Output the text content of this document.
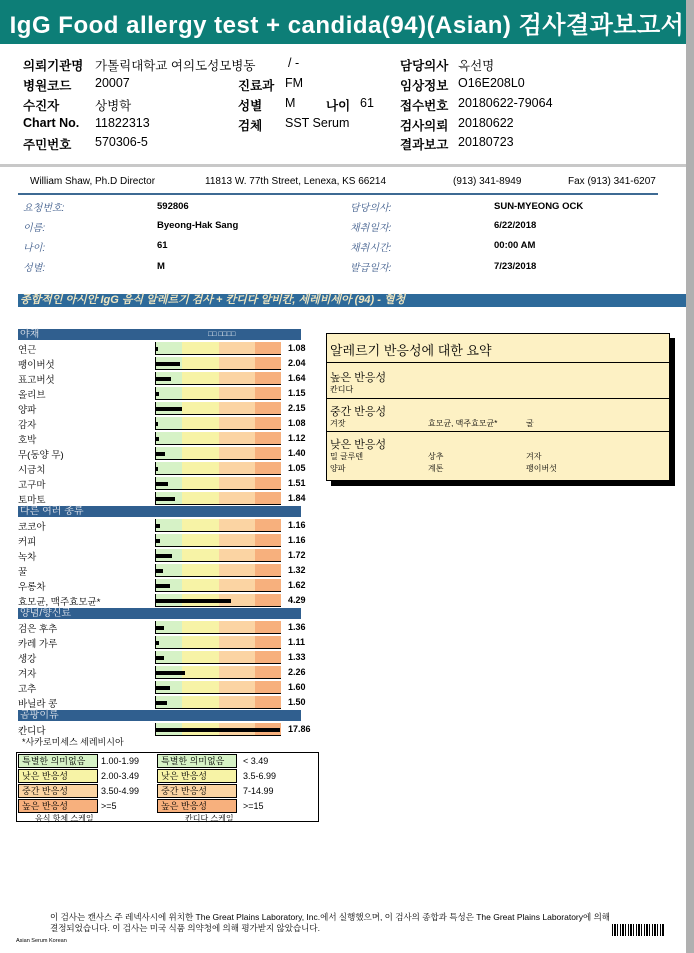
IgG Food allergy test + candida(94)(Asian) 검사결과보고서
의뢰기관명 가톨릭대학교 여의도성모병동	/ -	담당의사 옥선명
병원코드 20007	진료과 FM	임상정보 O16E208L0
수진자	상병학	성별 M 나이 61 접수번호 20180622-79064
Chart No. 11822313	검체 SST Serum	검사의뢰 20180622
주민번호 570306-5	결과보고 20180723
William Shaw, Ph.D Director	11813 W. 77th Street, Lenexa, KS 66214	(913) 341-8949	Fax (913) 341-6207
요청번호:	592806
이름:	Byeong-Hak Sang
나이:	61
성별:	M
담당의사:	SUN-MYEONG OCK
채취일자:	6/22/2018
채취시간:	00:00 AM
발급일자:	7/23/2018
종합적인 아시안 IgG 음식 알레르기 검사 + 칸디다 알비칸, 세레비세아 (94) - 혈청
야채	□□ □□□□
연근	1.08
팽이버섯	2.04
표고버섯	1.64
올리브	1.15
양파	2.15
감자	1.08
호박	1.12
무(동양 무)	1.40
시금치	1.05
고구마	1.51
토마토	1.84
다른 여러 종류
코코아	1.16
커피	1.16
녹차	1.72
꿀	1.32
우롱차	1.62
효모균, 맥주효모균*	4.29
양념/향신료
검은 후추	1.36
카레 가루	1.11
생강	1.33
겨자	2.26
고추	1.60
바닐라 콩	1.50
곰팡이류
칸디다	17.86
*사카로미세스 세레비시아
알레르기 반응성에 대한 요약
높은 반응성
칸디다
중간 반응성
겨잣	효모균, 맥주효모균*	굴
낮은 반응성
밀 글루텐	상추	겨자
양파	계톤	팽이버섯
특별한 의미없음	1.00-1.99	특별한 의미없음	< 3.49
낮은 반응성	2.00-3.49	낮은 반응성	3.5-6.99
중간 반응성	3.50-4.99	중간 반응성	7-14.99
높은 반응성	>=5	높은 반응성	>=15
음식 항체 스케일	칸디다 스케일
이 검사는 캔사스 주 레넥사시에 위치한 The Great Plains Laboratory, Inc.에서 실행했으며, 이 검사의 종합과 특성은 The Great Plains Laboratory에 의해 결정되었습니다. 이 검사는 미국 식품 의약청에 의해 평가받지 않았습니다.
Asian Serum Korean
